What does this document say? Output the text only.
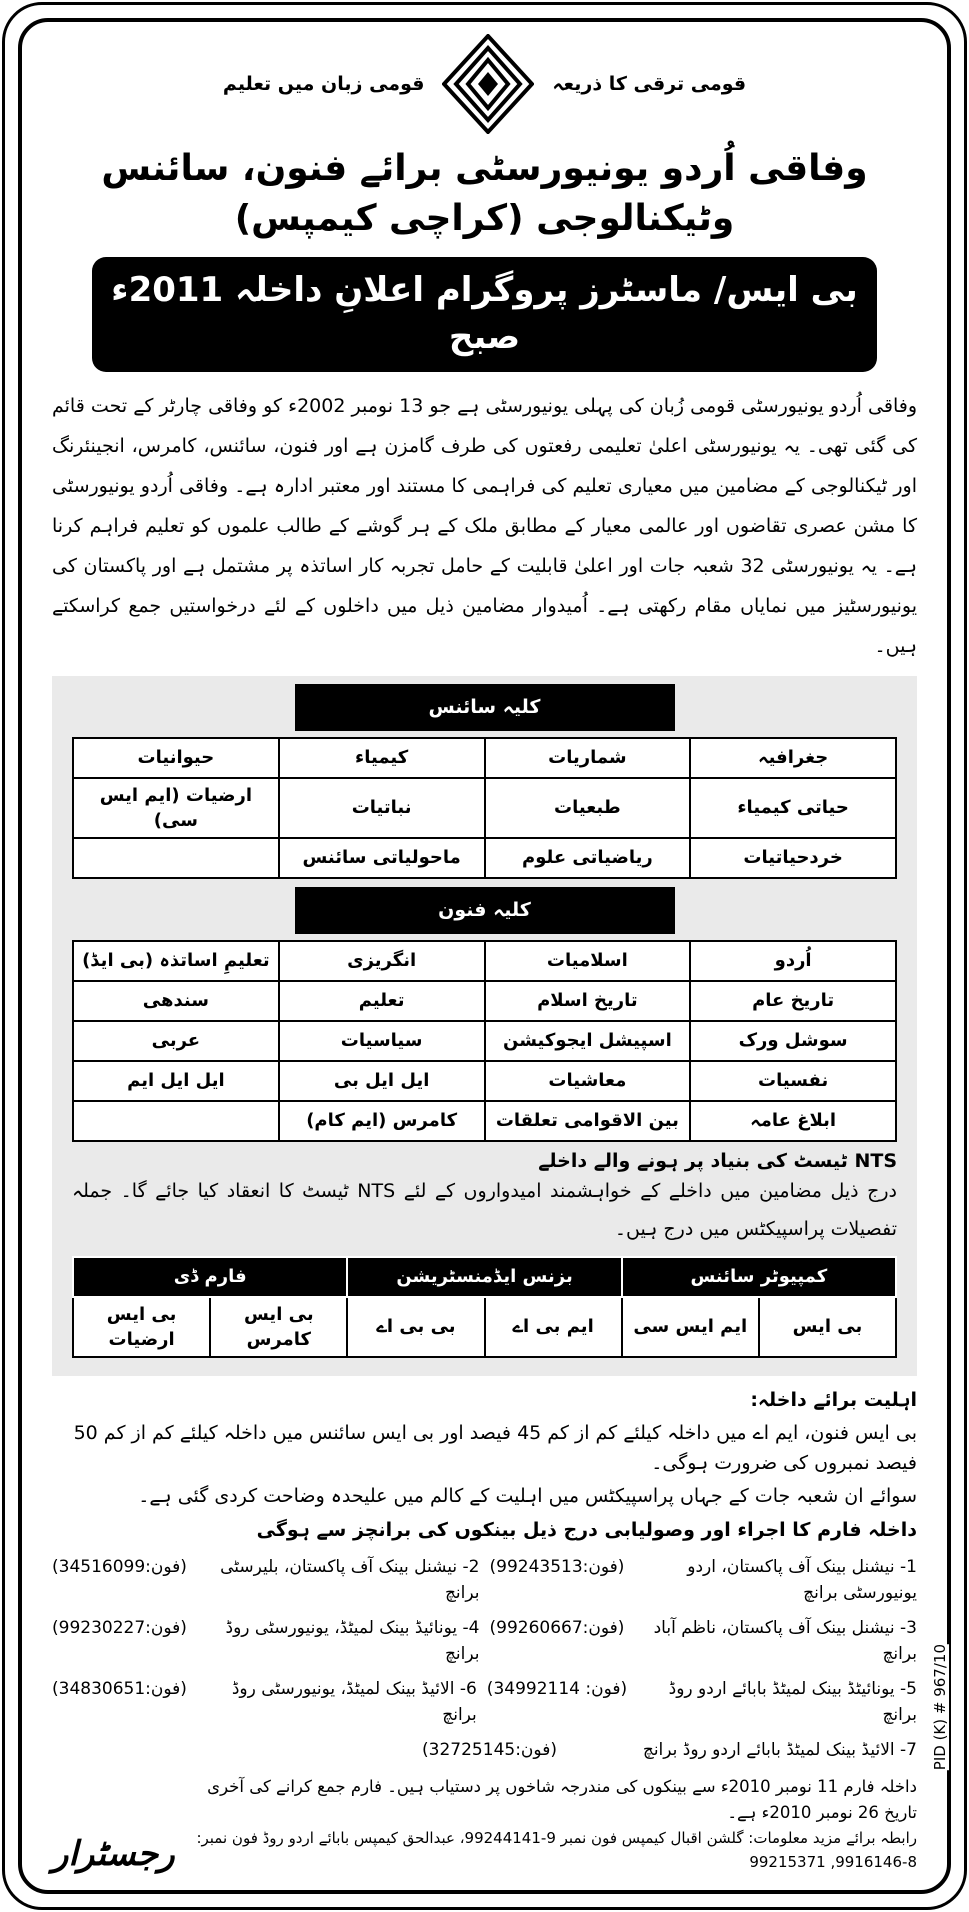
قومی ترقی کا ذریعہ
قومی زبان میں تعلیم
وفاقی اُردو یونیورسٹی برائے فنون، سائنس وٹیکنالوجی (کراچی کیمپس)
بی ایس/ ماسٹرز پروگرام اعلانِ داخلہ 2011ء صبح
وفاقی اُردو یونیورسٹی قومی زُبان کی پہلی یونیورسٹی ہے جو 13 نومبر 2002ء کو وفاقی چارٹر کے تحت قائم کی گئی تھی۔ یہ یونیورسٹی اعلیٰ تعلیمی رفعتوں کی طرف گامزن ہے اور فنون، سائنس، کامرس، انجینئرنگ اور ٹیکنالوجی کے مضامین میں معیاری تعلیم کی فراہمی کا مستند اور معتبر ادارہ ہے۔ وفاقی اُردو یونیورسٹی کا مشن عصری تقاضوں اور عالمی معیار کے مطابق ملک کے ہر گوشے کے طالب علموں کو تعلیم فراہم کرنا ہے۔ یہ یونیورسٹی 32 شعبہ جات اور اعلیٰ قابلیت کے حامل تجربہ کار اساتذہ پر مشتمل ہے اور پاکستان کی یونیورسٹیز میں نمایاں مقام رکھتی ہے۔ اُمیدوار مضامین ذیل میں داخلوں کے لئے درخواستیں جمع کراسکتے ہیں۔
کلیہ سائنس
جغرافیہ	شماریات	کیمیاء	حیوانیات
حیاتی کیمیاء	طبعیات	نباتیات	ارضیات (ایم ایس سی)
خردحیاتیات	ریاضیاتی علوم	ماحولیاتی سائنس	
کلیہ فنون
اُردو	اسلامیات	انگریزی	تعلیمِ اساتذہ (بی ایڈ)
تاریخ عام	تاریخ اسلام	تعلیم	سندھی
سوشل ورک	اسپیشل ایجوکیشن	سیاسیات	عربی
نفسیات	معاشیات	ایل ایل بی	ایل ایل ایم
ابلاغ عامہ	بین الاقوامی تعلقات	کامرس (ایم کام)	
NTS ٹیسٹ کی بنیاد پر ہونے والے داخلے
درج ذیل مضامین میں داخلے کے خواہشمند امیدواروں کے لئے NTS ٹیسٹ کا انعقاد کیا جائے گا۔ جملہ تفصیلات پراسپیکٹس میں درج ہیں۔
کمپیوٹر سائنس		بزنس ایڈمنسٹریشن		فارم ڈی	
بی ایس	ایم ایس سی	ایم بی اے	بی بی اے	بی ایس کامرس	بی ایس ارضیات
اہلیت برائے داخلہ:
بی ایس فنون، ایم اے میں داخلہ کیلئے کم از کم 45 فیصد اور بی ایس سائنس میں داخلہ کیلئے کم از کم 50 فیصد نمبروں کی ضرورت ہوگی۔
سوائے ان شعبہ جات کے جہاں پراسپیکٹس میں اہلیت کے کالم میں علیحدہ وضاحت کردی گئی ہے۔
داخلہ فارم کا اجراء اور وصولیابی درج ذیل بینکوں کی برانچز سے ہوگی
1- نیشنل بینک آف پاکستان، اردو یونیورسٹی برانچ
(فون:99243513)
2- نیشنل بینک آف پاکستان، بلیرسٹی برانچ
(فون:34516099)
3- نیشنل بینک آف پاکستان، ناظم آباد برانچ
(فون:99260667)
4- یونائیڈ بینک لمیٹڈ، یونیورسٹی روڈ برانچ
(فون:99230227)
5- یونائیٹڈ بینک لمیٹڈ بابائے اردو روڈ برانچ
(فون: 34992114)
6- الائیڈ بینک لمیٹڈ، یونیورسٹی روڈ برانچ
(فون:34830651)
7- الائیڈ بینک لمیٹڈ بابائے اردو روڈ برانچ
(فون:32725145)
داخلہ فارم 11 نومبر 2010ء سے بینکوں کی مندرجہ شاخوں پر دستیاب ہیں۔ فارم جمع کرانے کی آخری تاریخ 26 نومبر 2010ء ہے۔
رابطہ برائے مزید معلومات: گلشن اقبال کیمپس فون نمبر 9-99244141، عبدالحق کیمپس بابائے اردو روڈ فون نمبر: 8-9916146, 99215371
رجسٹرار
PID (K) # 967/10
